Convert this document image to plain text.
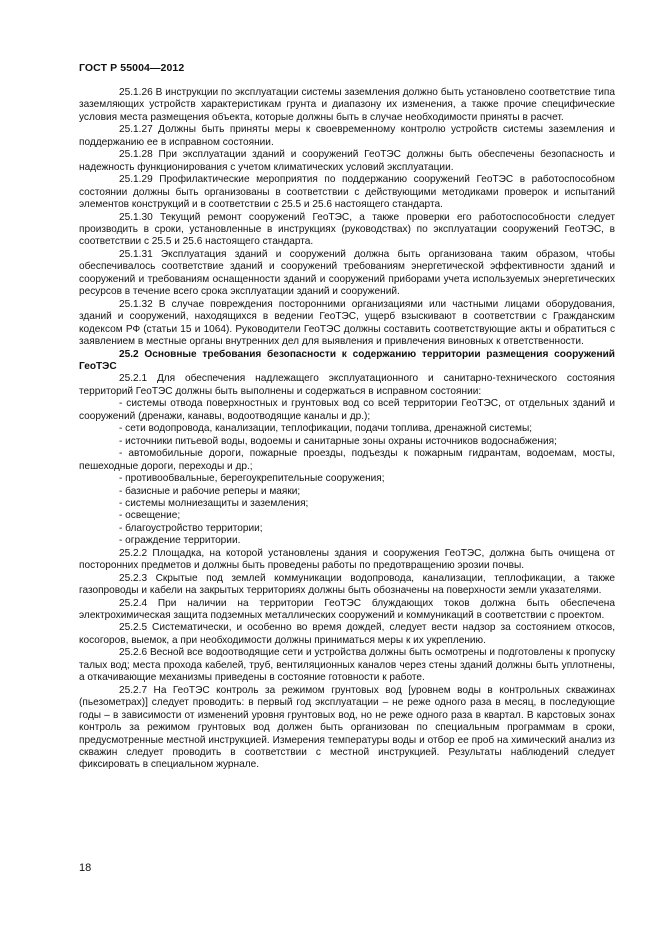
ГОСТ Р 55004—2012

25.1.26 В инструкции по эксплуатации системы заземления должно быть установлено соответствие типа заземляющих устройств характеристикам грунта и диапазону их изменения, а также прочие специфические условия места размещения объекта, которые должны быть в случае необходимости приняты в расчет.

25.1.27 Должны быть приняты меры к своевременному контролю устройств системы заземления и поддержанию ее в исправном состоянии.

25.1.28 При эксплуатации зданий и сооружений ГеоТЭС должны быть обеспечены безопасность и надежность функционирования с учетом климатических условий эксплуатации.

25.1.29 Профилактические мероприятия по поддержанию сооружений ГеоТЭС в работоспособном состоянии должны быть организованы в соответствии с действующими методиками проверок и испытаний элементов конструкций и в соответствии с 25.5 и 25.6 настоящего стандарта.

25.1.30 Текущий ремонт сооружений ГеоТЭС, а также проверки его работоспособности следует производить в сроки, установленные в инструкциях (руководствах) по эксплуатации сооружений ГеоТЭС, в соответствии с 25.5 и 25.6 настоящего стандарта.

25.1.31 Эксплуатация зданий и сооружений должна быть организована таким образом, чтобы обеспечивалось соответствие зданий и сооружений требованиям энергетической эффективности зданий и сооружений и требованиям оснащенности зданий и сооружений приборами учета используемых энергетических ресурсов в течение всего срока эксплуатации зданий и сооружений.

25.1.32 В случае повреждения посторонними организациями или частными лицами оборудования, зданий и сооружений, находящихся в ведении ГеоТЭС, ущерб взыскивают в соответствии с Гражданским кодексом РФ (статьи 15 и 1064). Руководители ГеоТЭС должны составить соответствующие акты и обратиться с заявлением в местные органы внутренних дел для выявления и привлечения виновных к ответственности.

25.2 Основные требования безопасности к содержанию территории размещения сооружений ГеоТЭС

25.2.1 Для обеспечения надлежащего эксплуатационного и санитарно-технического состояния территорий ГеоТЭС должны быть выполнены и содержаться в исправном состоянии:

- системы отвода поверхностных и грунтовых вод со всей территории ГеоТЭС, от отдельных зданий и сооружений (дренажи, канавы, водоотводящие каналы и др.);

- сети водопровода, канализации, теплофикации, подачи топлива, дренажной системы;

- источники питьевой воды, водоемы и санитарные зоны охраны источников водоснабжения;

- автомобильные дороги, пожарные проезды, подъезды к пожарным гидрантам, водоемам, мосты, пешеходные дороги, переходы и др.;

- противообвальные, берегоукрепительные сооружения;

- базисные и рабочие реперы и маяки;

- системы молниезащиты и заземления;

- освещение;

- благоустройство территории;

- ограждение территории.

25.2.2 Площадка, на которой установлены здания и сооружения ГеоТЭС, должна быть очищена от посторонних предметов и должны быть проведены работы по предотвращению эрозии почвы.

25.2.3 Скрытые под землей коммуникации водопровода, канализации, теплофикации, а также газопроводы и кабели на закрытых территориях должны быть обозначены на поверхности земли указателями.

25.2.4 При наличии на территории ГеоТЭС блуждающих токов должна быть обеспечена электрохимическая защита подземных металлических сооружений и коммуникаций в соответствии с проектом.

25.2.5 Систематически, и особенно во время дождей, следует вести надзор за состоянием откосов, косогоров, выемок, а при необходимости должны приниматься меры к их укреплению.

25.2.6 Весной все водоотводящие сети и устройства должны быть осмотрены и подготовлены к пропуску талых вод; места прохода кабелей, труб, вентиляционных каналов через стены зданий должны быть уплотнены, а откачивающие механизмы приведены в состояние готовности к работе.

25.2.7 На ГеоТЭС контроль за режимом грунтовых вод [уровнем воды в контрольных скважинах (пьезометрах)] следует проводить: в первый год эксплуатации – не реже одного раза в месяц, в последующие годы – в зависимости от изменений уровня грунтовых вод, но не реже одного раза в квартал. В карстовых зонах контроль за режимом грунтовых вод должен быть организован по специальным программам в сроки, предусмотренные местной инструкцией. Измерения температуры воды и отбор ее проб на химический анализ из скважин следует проводить в соответствии с местной инструкцией. Результаты наблюдений следует фиксировать в специальном журнале.

18
